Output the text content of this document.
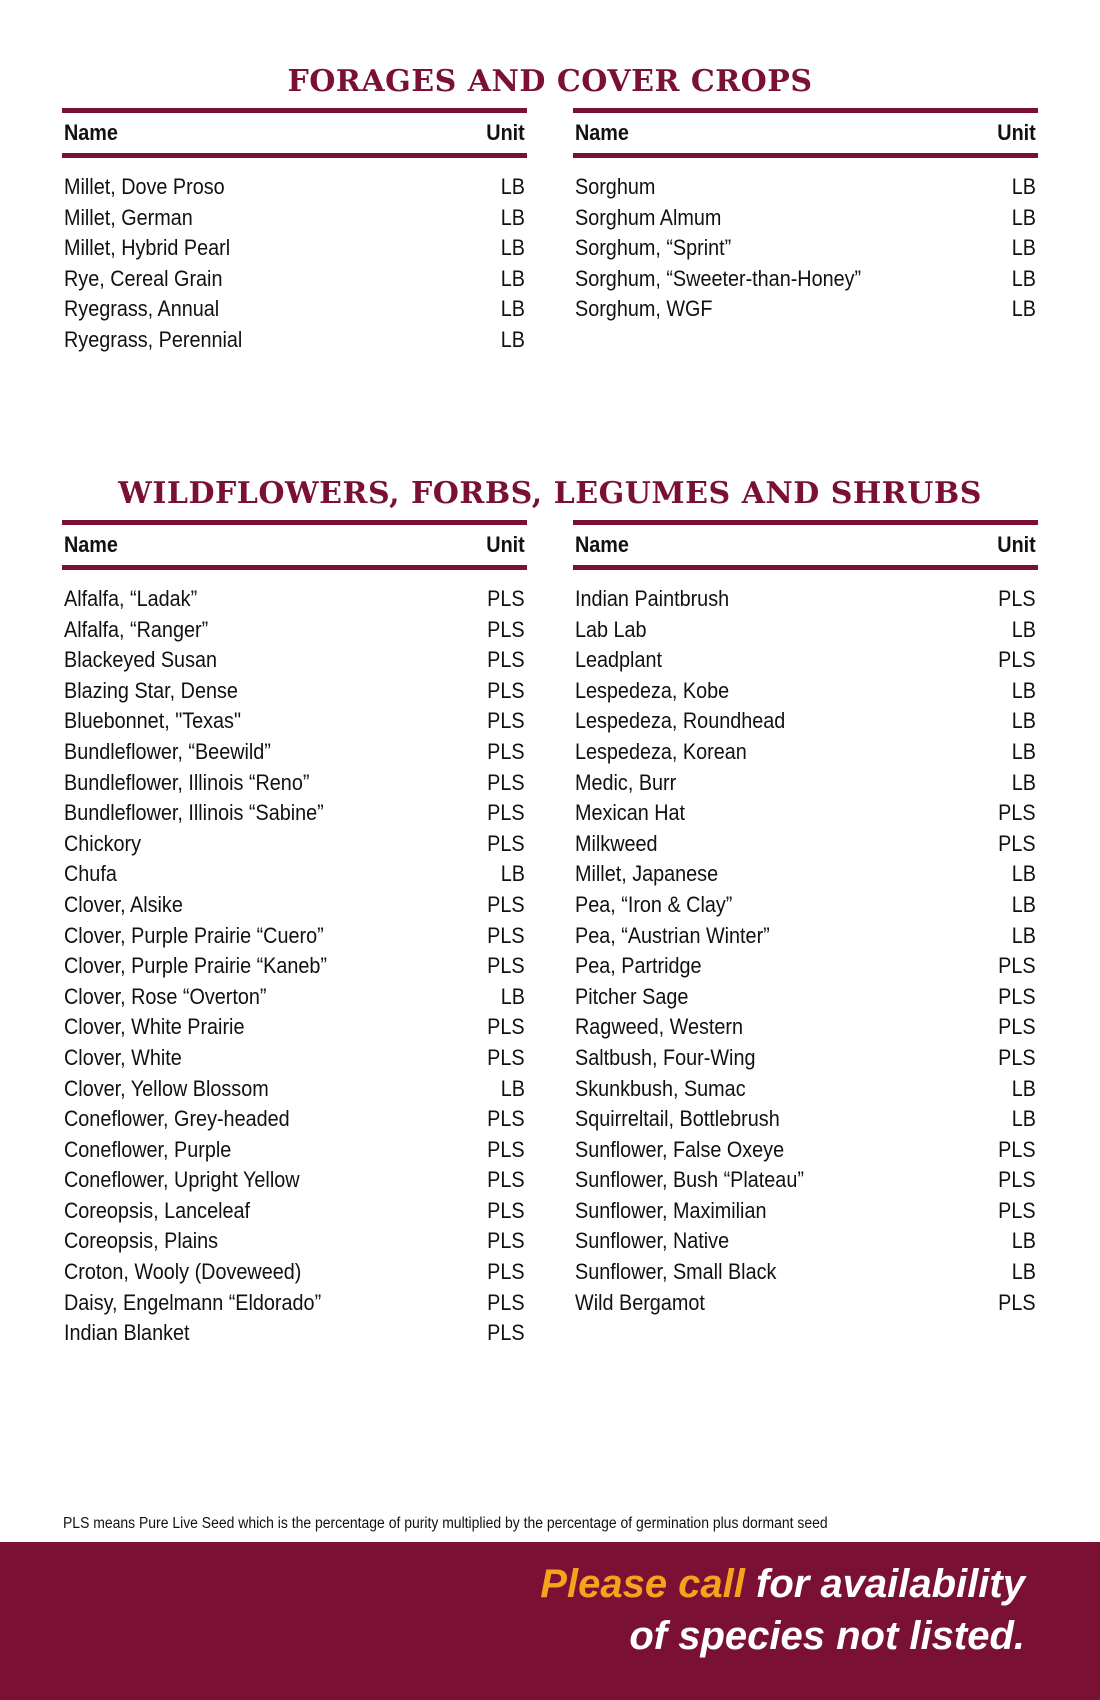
FORAGES AND COVER CROPS
Name	Unit
Millet, Dove Proso	LB
Millet, German	LB
Millet, Hybrid Pearl	LB
Rye, Cereal Grain	LB
Ryegrass, Annual	LB
Ryegrass, Perennial	LB
Name	Unit
Sorghum	LB
Sorghum Almum	LB
Sorghum, “Sprint”	LB
Sorghum, “Sweeter-than-Honey”	LB
Sorghum, WGF	LB
WILDFLOWERS, FORBS, LEGUMES AND SHRUBS
Name	Unit
Alfalfa, “Ladak”	PLS
Alfalfa, “Ranger”	PLS
Blackeyed Susan	PLS
Blazing Star, Dense	PLS
Bluebonnet, "Texas"	PLS
Bundleflower, “Beewild”	PLS
Bundleflower, Illinois “Reno”	PLS
Bundleflower, Illinois “Sabine”	PLS
Chickory	PLS
Chufa	LB
Clover, Alsike	PLS
Clover, Purple Prairie “Cuero”	PLS
Clover, Purple Prairie “Kaneb”	PLS
Clover, Rose “Overton”	LB
Clover, White Prairie	PLS
Clover, White	PLS
Clover, Yellow Blossom	LB
Coneflower, Grey-headed	PLS
Coneflower, Purple	PLS
Coneflower, Upright Yellow	PLS
Coreopsis, Lanceleaf	PLS
Coreopsis, Plains	PLS
Croton, Wooly (Doveweed)	PLS
Daisy, Engelmann “Eldorado”	PLS
Indian Blanket	PLS
Name	Unit
Indian Paintbrush	PLS
Lab Lab	LB
Leadplant	PLS
Lespedeza, Kobe	LB
Lespedeza, Roundhead	LB
Lespedeza, Korean	LB
Medic, Burr	LB
Mexican Hat	PLS
Milkweed	PLS
Millet, Japanese	LB
Pea, “Iron & Clay”	LB
Pea, “Austrian Winter”	LB
Pea, Partridge	PLS
Pitcher Sage	PLS
Ragweed, Western	PLS
Saltbush, Four-Wing	PLS
Skunkbush, Sumac	LB
Squirreltail, Bottlebrush	LB
Sunflower, False Oxeye	PLS
Sunflower, Bush “Plateau”	PLS
Sunflower, Maximilian	PLS
Sunflower, Native	LB
Sunflower, Small Black	LB
Wild Bergamot	PLS
PLS means Pure Live Seed which is the percentage of purity multiplied by the percentage of germination plus dormant seed
Please call for availability
of species not listed.
